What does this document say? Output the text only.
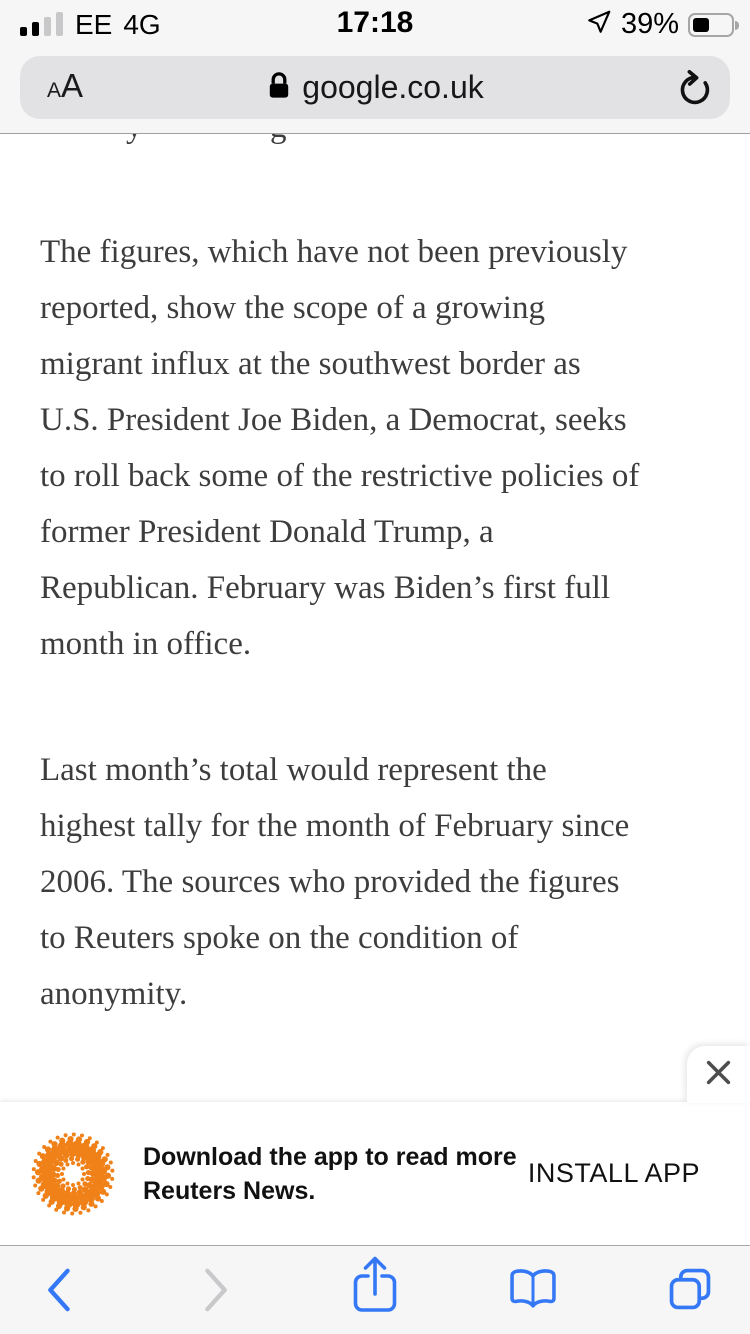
EE 4G	17:18	39%
A A	google.co.uk
The figures, which have not been previously
reported, show the scope of a growing
migrant influx at the southwest border as
U.S. President Joe Biden, a Democrat, seeks
to roll back some of the restrictive policies of
former President Donald Trump, a
Republican. February was Biden’s first full
month in office.
Last month’s total would represent the
highest tally for the month of February since
2006. The sources who provided the figures
to Reuters spoke on the condition of
anonymity.
Download the app to read more
Reuters News.
INSTALL APP
